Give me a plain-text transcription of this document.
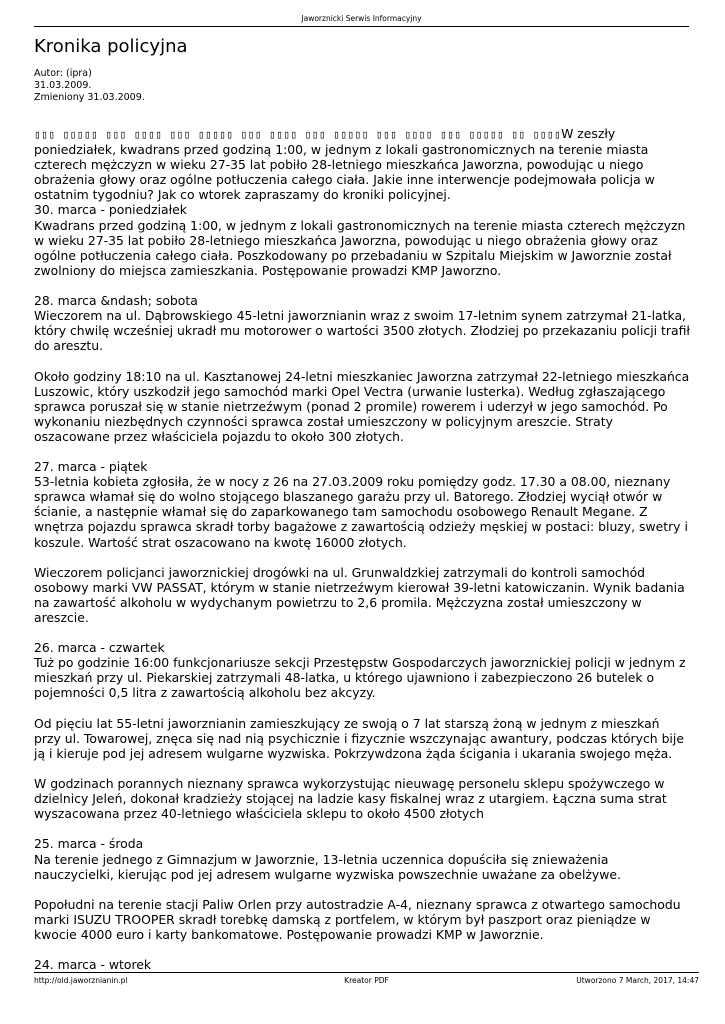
Jaworznicki Serwis Informacyjny
Kronika policyjna
Autor: (ipra)
31.03.2009.
Zmieniony 31.03.2009.

▯▯▯ ▯▯▯▯▯ ▯▯▯ ▯▯▯▯ ▯▯▯ ▯▯▯▯▯ ▯▯▯ ▯▯▯▯ ▯▯▯ ▯▯▯▯▯ ▯▯▯ ▯▯▯▯ ▯▯▯ ▯▯▯▯▯ ▯▯ ▯▯▯▯W zeszły poniedziałek, kwadrans przed godziną 1:00, w jednym z lokali gastronomicznych na terenie miasta czterech mężczyzn w wieku 27-35 lat pobiło 28-letniego mieszkańca Jaworzna, powodując u niego obrażenia głowy oraz ogólne potłuczenia całego ciała. Jakie inne interwencje podejmowała policja w ostatnim tygodniu? Jak co wtorek zapraszamy do kroniki policyjnej.

30. marca - poniedziałek

Kwadrans przed godziną 1:00, w jednym z lokali gastronomicznych na terenie miasta czterech mężczyzn w wieku 27-35 lat pobiło 28-letniego mieszkańca Jaworzna, powodując u niego obrażenia głowy oraz ogólne potłuczenia całego ciała. Poszkodowany po przebadaniu w Szpitalu Miejskim w Jaworznie został zwolniony do miejsca zamieszkania. Postępowanie prowadzi KMP Jaworzno.

28. marca &ndash; sobota

Wieczorem na ul. Dąbrowskiego 45-letni jaworznianin wraz z swoim 17-letnim synem zatrzymał 21-latka, który chwilę wcześniej ukradł mu motorower o wartości 3500 złotych. Złodziej po przekazaniu policji trafił do aresztu.

Około godziny 18:10 na ul. Kasztanowej 24-letni mieszkaniec Jaworzna zatrzymał 22-letniego mieszkańca Luszowic, który uszkodził jego samochód marki Opel Vectra (urwanie lusterka). Według zgłaszającego sprawca poruszał się w stanie nietrzeźwym (ponad 2 promile) rowerem i uderzył w jego samochód. Po wykonaniu niezbędnych czynności sprawca został umieszczony w policyjnym areszcie. Straty oszacowane przez właściciela pojazdu to około 300 złotych.

27. marca - piątek

53-letnia kobieta zgłosiła, że w nocy z 26 na 27.03.2009 roku pomiędzy godz. 17.30 a 08.00, nieznany sprawca włamał się do wolno stojącego blaszanego garażu przy ul. Batorego. Złodziej wyciął otwór w ścianie, a następnie włamał się do zaparkowanego tam samochodu osobowego Renault Megane. Z wnętrza pojazdu sprawca skradł torby bagażowe z zawartością odzieży męskiej w postaci: bluzy, swetry i koszule. Wartość strat oszacowano na kwotę 16000 złotych.

Wieczorem policjanci jaworznickiej drogówki na ul. Grunwaldzkiej zatrzymali do kontroli samochód osobowy marki VW PASSAT, którym w stanie nietrzeźwym kierował 39-letni katowiczanin. Wynik badania na zawartość alkoholu w wydychanym powietrzu to 2,6 promila. Mężczyzna został umieszczony w areszcie.

26. marca - czwartek

Tuż po godzinie 16:00 funkcjonariusze sekcji Przestępstw Gospodarczych jaworznickiej policji w jednym z mieszkań przy ul. Piekarskiej zatrzymali 48-latka, u którego ujawniono i zabezpieczono 26 butelek o pojemności 0,5 litra z zawartością alkoholu bez akcyzy.

Od pięciu lat 55-letni jaworznianin zamieszkujący ze swoją o 7 lat starszą żoną w jednym z mieszkań przy ul. Towarowej, znęca się nad nią psychicznie i fizycznie wszczynając awantury, podczas których bije ją i kieruje pod jej adresem wulgarne wyzwiska. Pokrzywdzona żąda ścigania i ukarania swojego męża.

W godzinach porannych nieznany sprawca wykorzystując nieuwagę personelu sklepu spożywczego w dzielnicy Jeleń, dokonał kradzieży stojącej na ladzie kasy fiskalnej wraz z utargiem. Łączna suma strat wyszacowana przez 40-letniego właściciela sklepu to około 4500 złotych

25. marca - środa

Na terenie jednego z Gimnazjum w Jaworznie, 13-letnia uczennica dopuściła się znieważenia nauczycielki, kierując pod jej adresem wulgarne wyzwiska powszechnie uważane za obelżywe.

Popołudni na terenie stacji Paliw Orlen przy autostradzie A-4, nieznany sprawca z otwartego samochodu marki ISUZU TROOPER skradł torebkę damską z portfelem, w którym był paszport oraz pieniądze w kwocie 4000 euro i karty bankomatowe. Postępowanie prowadzi KMP w Jaworznie.

24. marca - wtorek
http://old.jaworznianin.pl	Kreator PDF	Utworzono 7 March, 2017, 14:47
